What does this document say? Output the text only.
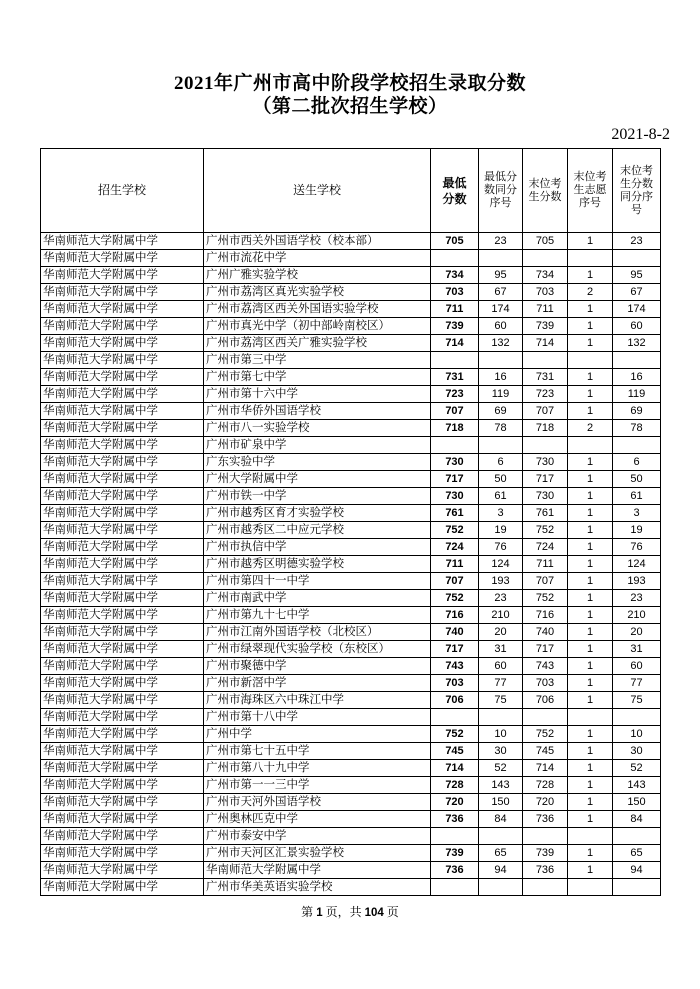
2021年广州市高中阶段学校招生录取分数
（第二批次招生学校）
2021-8-2
招生学校	送生学校	最低分数	最低分数同分序号	末位考生分数	末位考生志愿序号	末位考生分数同分序号
华南师范大学附属中学	广州市西关外国语学校（校本部）	705	23	705	1	23
华南师范大学附属中学	广州市流花中学					
华南师范大学附属中学	广州广雅实验学校	734	95	734	1	95
华南师范大学附属中学	广州市荔湾区真光实验学校	703	67	703	2	67
华南师范大学附属中学	广州市荔湾区西关外国语实验学校	711	174	711	1	174
华南师范大学附属中学	广州市真光中学（初中部岭南校区）	739	60	739	1	60
华南师范大学附属中学	广州市荔湾区西关广雅实验学校	714	132	714	1	132
华南师范大学附属中学	广州市第三中学					
华南师范大学附属中学	广州市第七中学	731	16	731	1	16
华南师范大学附属中学	广州市第十六中学	723	119	723	1	119
华南师范大学附属中学	广州市华侨外国语学校	707	69	707	1	69
华南师范大学附属中学	广州市八一实验学校	718	78	718	2	78
华南师范大学附属中学	广州市矿泉中学					
华南师范大学附属中学	广东实验中学	730	6	730	1	6
华南师范大学附属中学	广州大学附属中学	717	50	717	1	50
华南师范大学附属中学	广州市铁一中学	730	61	730	1	61
华南师范大学附属中学	广州市越秀区育才实验学校	761	3	761	1	3
华南师范大学附属中学	广州市越秀区二中应元学校	752	19	752	1	19
华南师范大学附属中学	广州市执信中学	724	76	724	1	76
华南师范大学附属中学	广州市越秀区明德实验学校	711	124	711	1	124
华南师范大学附属中学	广州市第四十一中学	707	193	707	1	193
华南师范大学附属中学	广州市南武中学	752	23	752	1	23
华南师范大学附属中学	广州市第九十七中学	716	210	716	1	210
华南师范大学附属中学	广州市江南外国语学校（北校区）	740	20	740	1	20
华南师范大学附属中学	广州市绿翠现代实验学校（东校区）	717	31	717	1	31
华南师范大学附属中学	广州市聚德中学	743	60	743	1	60
华南师范大学附属中学	广州市新滘中学	703	77	703	1	77
华南师范大学附属中学	广州市海珠区六中珠江中学	706	75	706	1	75
华南师范大学附属中学	广州市第十八中学					
华南师范大学附属中学	广州中学	752	10	752	1	10
华南师范大学附属中学	广州市第七十五中学	745	30	745	1	30
华南师范大学附属中学	广州市第八十九中学	714	52	714	1	52
华南师范大学附属中学	广州市第一一三中学	728	143	728	1	143
华南师范大学附属中学	广州市天河外国语学校	720	150	720	1	150
华南师范大学附属中学	广州奥林匹克中学	736	84	736	1	84
华南师范大学附属中学	广州市泰安中学					
华南师范大学附属中学	广州市天河区汇景实验学校	739	65	739	1	65
华南师范大学附属中学	华南师范大学附属中学	736	94	736	1	94
华南师范大学附属中学	广州市华美英语实验学校					
第 1 页，共 104 页
